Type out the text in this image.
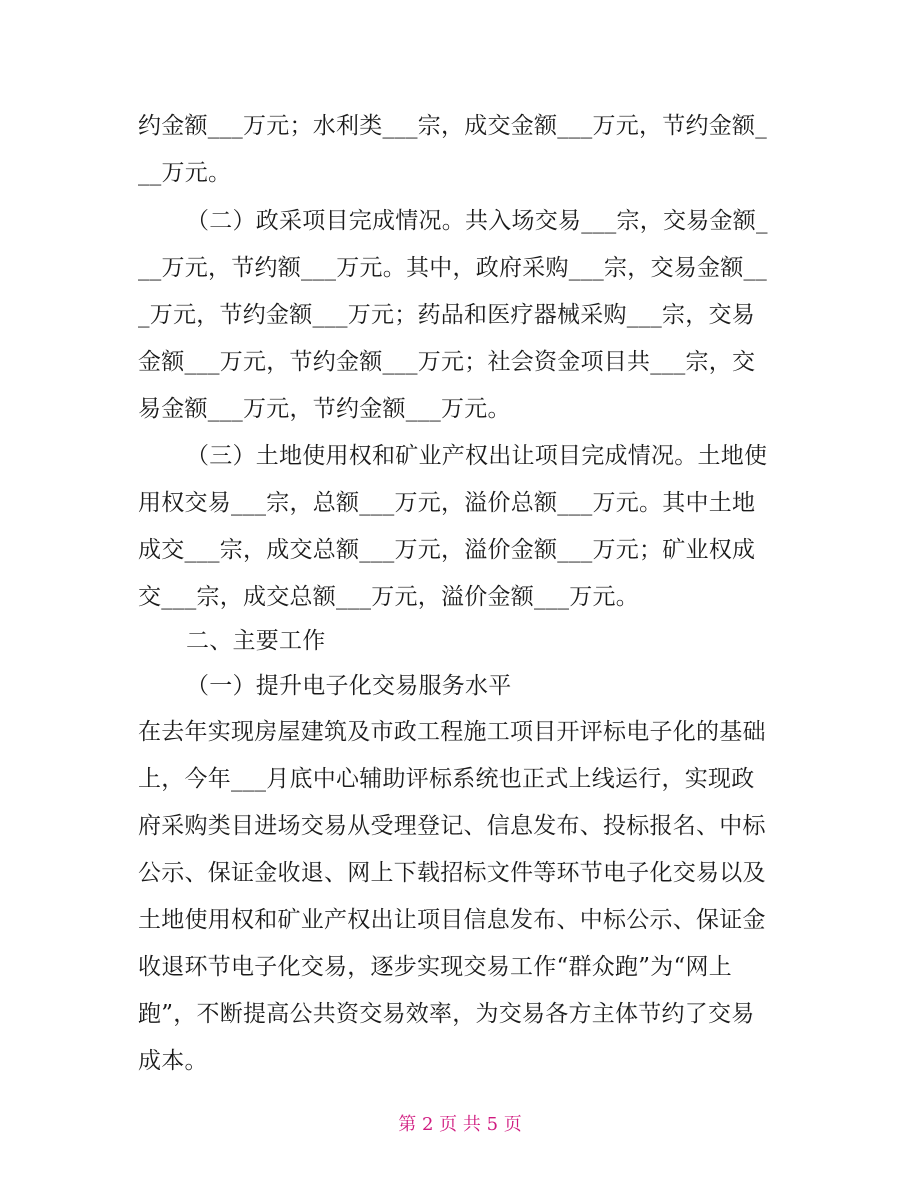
约金额___万元；水利类___宗，成交金额___万元，节约金额_
__万元。
（二）政采项目完成情况。共入场交易___宗，交易金额_
__万元，节约额___万元。其中，政府采购___宗，交易金额__
_万元，节约金额___万元；药品和医疗器械采购___宗，交易
金额___万元，节约金额___万元；社会资金项目共___宗，交
易金额___万元，节约金额___万元。
（三）土地使用权和矿业产权出让项目完成情况。土地使
用权交易___宗，总额___万元，溢价总额___万元。其中土地
成交___宗，成交总额___万元，溢价金额___万元；矿业权成
交___宗，成交总额___万元，溢价金额___万元。
二、主要工作
（一）提升电子化交易服务水平
在去年实现房屋建筑及市政工程施工项目开评标电子化的基础
上，今年___月底中心辅助评标系统也正式上线运行，实现政
府采购类目进场交易从受理登记、信息发布、投标报名、中标
公示、保证金收退、网上下载招标文件等环节电子化交易以及
土地使用权和矿业产权出让项目信息发布、中标公示、保证金
收退环节电子化交易，逐步实现交易工作“群众跑”为“网上
跑”，不断提高公共资交易效率，为交易各方主体节约了交易
成本。
第 2 页 共 5 页
